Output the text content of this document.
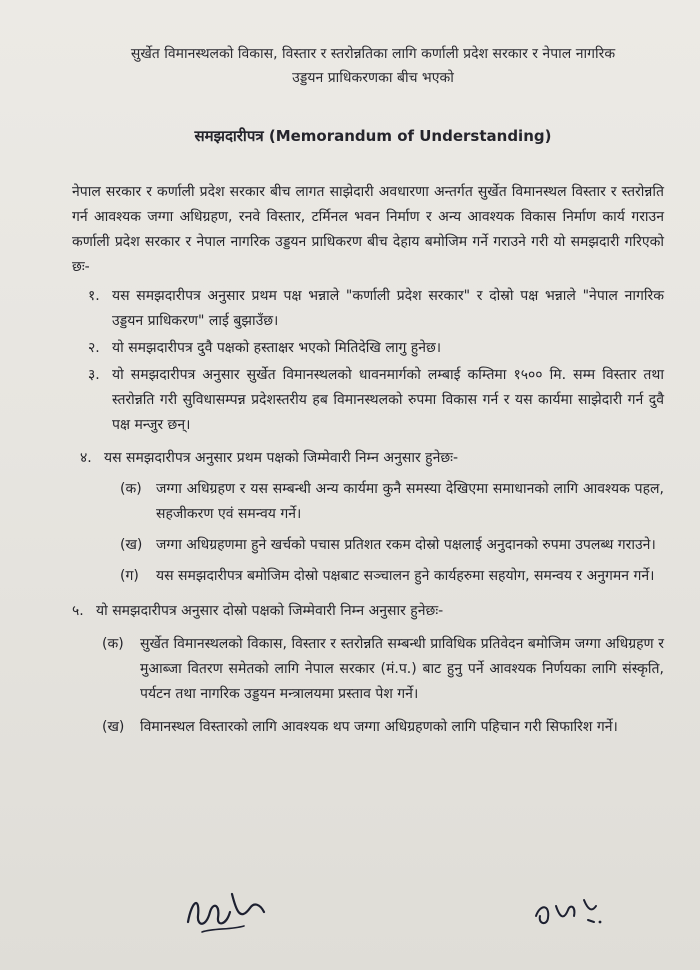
सुर्खेत विमानस्थलको विकास, विस्तार र स्तरोन्नतिका लागि कर्णाली प्रदेश सरकार र नेपाल नागरिक
उड्डयन प्राधिकरणका बीच भएको
समझदारीपत्र (Memorandum of Understanding)
नेपाल सरकार र कर्णाली प्रदेश सरकार बीच लागत साझेदारी अवधारणा अन्तर्गत सुर्खेत विमानस्थल विस्तार र स्तरोन्नति गर्न आवश्यक जग्गा अधिग्रहण, रनवे विस्तार, टर्मिनल भवन निर्माण र अन्य आवश्यक विकास निर्माण कार्य गराउन कर्णाली प्रदेश सरकार र नेपाल नागरिक उड्डयन प्राधिकरण बीच देहाय बमोजिम गर्ने गराउने गरी यो समझदारी गरिएको छः-
१. यस समझदारीपत्र अनुसार प्रथम पक्ष भन्नाले "कर्णाली प्रदेश सरकार" र दोस्रो पक्ष भन्नाले "नेपाल नागरिक उड्डयन प्राधिकरण" लाई बुझाउँछ।
२. यो समझदारीपत्र दुवै पक्षको हस्ताक्षर भएको मितिदेखि लागु हुनेछ।
३. यो समझदारीपत्र अनुसार सुर्खेत विमानस्थलको धावनमार्गको लम्बाई कम्तिमा १५०० मि. सम्म विस्तार तथा स्तरोन्नति गरी सुविधासम्पन्न प्रदेशस्तरीय हब विमानस्थलको रुपमा विकास गर्न र यस कार्यमा साझेदारी गर्न दुवै पक्ष मन्जुर छन्।
४. यस समझदारीपत्र अनुसार प्रथम पक्षको जिम्मेवारी निम्न अनुसार हुनेछः-
(क)	जग्गा अधिग्रहण र यस सम्बन्धी अन्य कार्यमा कुनै समस्या देखिएमा समाधानको लागि आवश्यक पहल, सहजीकरण एवं समन्वय गर्ने।
(ख) जग्गा अधिग्रहणमा हुने खर्चको पचास प्रतिशत रकम दोस्रो पक्षलाई अनुदानको रुपमा उपलब्ध गराउने।
(ग)	यस समझदारीपत्र बमोजिम दोस्रो पक्षबाट सञ्चालन हुने कार्यहरुमा सहयोग, समन्वय र अनुगमन गर्ने।
५. यो समझदारीपत्र अनुसार दोस्रो पक्षको जिम्मेवारी निम्न अनुसार हुनेछः-
(क)	सुर्खेत विमानस्थलको विकास, विस्तार र स्तरोन्नति सम्बन्धी प्राविधिक प्रतिवेदन बमोजिम जग्गा अधिग्रहण र मुआब्जा वितरण समेतको लागि नेपाल सरकार (मं.प.) बाट हुनु पर्ने आवश्यक निर्णयका लागि संस्कृति, पर्यटन तथा नागरिक उड्डयन मन्त्रालयमा प्रस्ताव पेश गर्ने।
(ख)	विमानस्थल विस्तारको लागि आवश्यक थप जग्गा अधिग्रहणको लागि पहिचान गरी सिफारिश गर्ने।
